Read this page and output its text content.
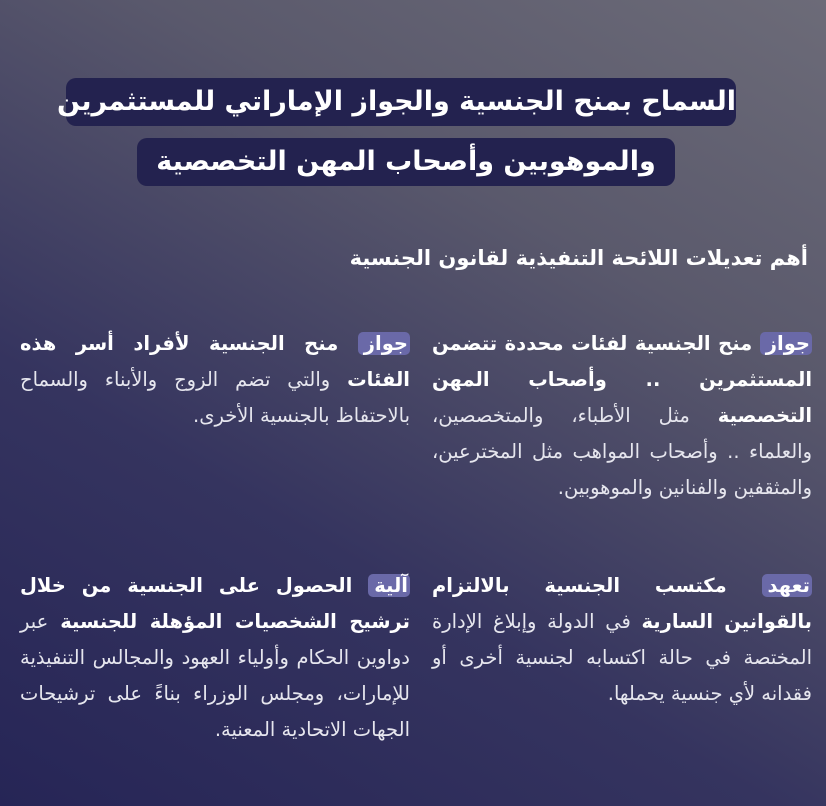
السماح بمنح الجنسية والجواز الإماراتي للمستثمرين
والموهوبين وأصحاب المهن التخصصية
أهم تعديلات اللائحة التنفيذية لقانون الجنسية
جواز منح الجنسية لفئات محددة تتضمن المستثمرين .. وأصحاب المهن التخصصية مثل الأطباء، والمتخصصين، والعلماء .. وأصحاب المواهب مثل المخترعين، والمثقفين والفنانين والموهوبين.
جواز منح الجنسية لأفراد أسر هذه الفئات والتي تضم الزوج والأبناء والسماح بالاحتفاظ بالجنسية الأخرى.
تعهد مكتسب الجنسية بالالتزام بالقوانين السارية في الدولة وإبلاغ الإدارة المختصة في حالة اكتسابه لجنسية أخرى أو فقدانه لأي جنسية يحملها.
آلية الحصول على الجنسية من خلال ترشيح الشخصيات المؤهلة للجنسية عبر دواوين الحكام وأولياء العهود والمجالس التنفيذية للإمارات، ومجلس الوزراء بناءً على ترشيحات الجهات الاتحادية المعنية.
